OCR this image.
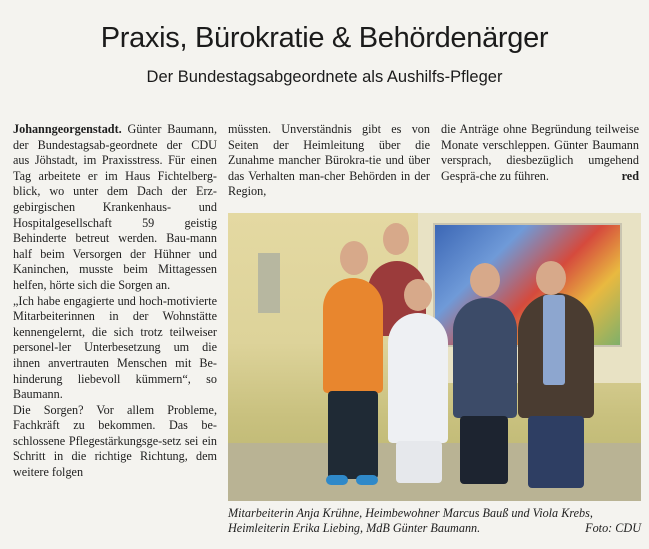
Praxis, Bürokratie & Behördenärger
Der Bundestagsabgeordnete als Aushilfs-Pfleger

Johanngeorgenstadt. Günter Baumann, der Bundestagsab-geordnete der CDU aus Jöhstadt, im Praxisstress. Für einen Tag arbeitete er im Haus Fichtelberg-blick, wo unter dem Dach der Erz-gebirgischen Krankenhaus- und Hospitalgesellschaft 59 geistig Behinderte betreut werden. Bau-mann half beim Versorgen der Hühner und Kaninchen, musste beim Mittagessen helfen, hörte sich die Sorgen an.

„Ich habe engagierte und hoch-motivierte Mitarbeiterinnen in der Wohnstätte kennengelernt, die sich trotz teilweiser personel-ler Unterbesetzung um die ihnen anvertrauten Menschen mit Be-hinderung liebevoll kümmern“, so Baumann.

Die Sorgen? Vor allem Probleme, Fachkräft zu bekommen. Das be-schlossene Pflegestärkungsge-setz sei ein Schritt in die richtige Richtung, dem weitere folgen

müssten. Unverständnis gibt es von Seiten der Heimleitung über die Zunahme mancher Bürokra-tie und über das Verhalten man-cher Behörden in der Region,

die Anträge ohne Begründung teilweise Monate verschleppen. Günter Baumann versprach, diesbezüglich umgehend Gesprä-che zu führen.	red

Mitarbeiterin Anja Krühne, Heimbewohner Marcus Bauß und Viola Krebs,
Heimleiterin Erika Liebing, MdB Günter Baumann.	Foto: CDU
